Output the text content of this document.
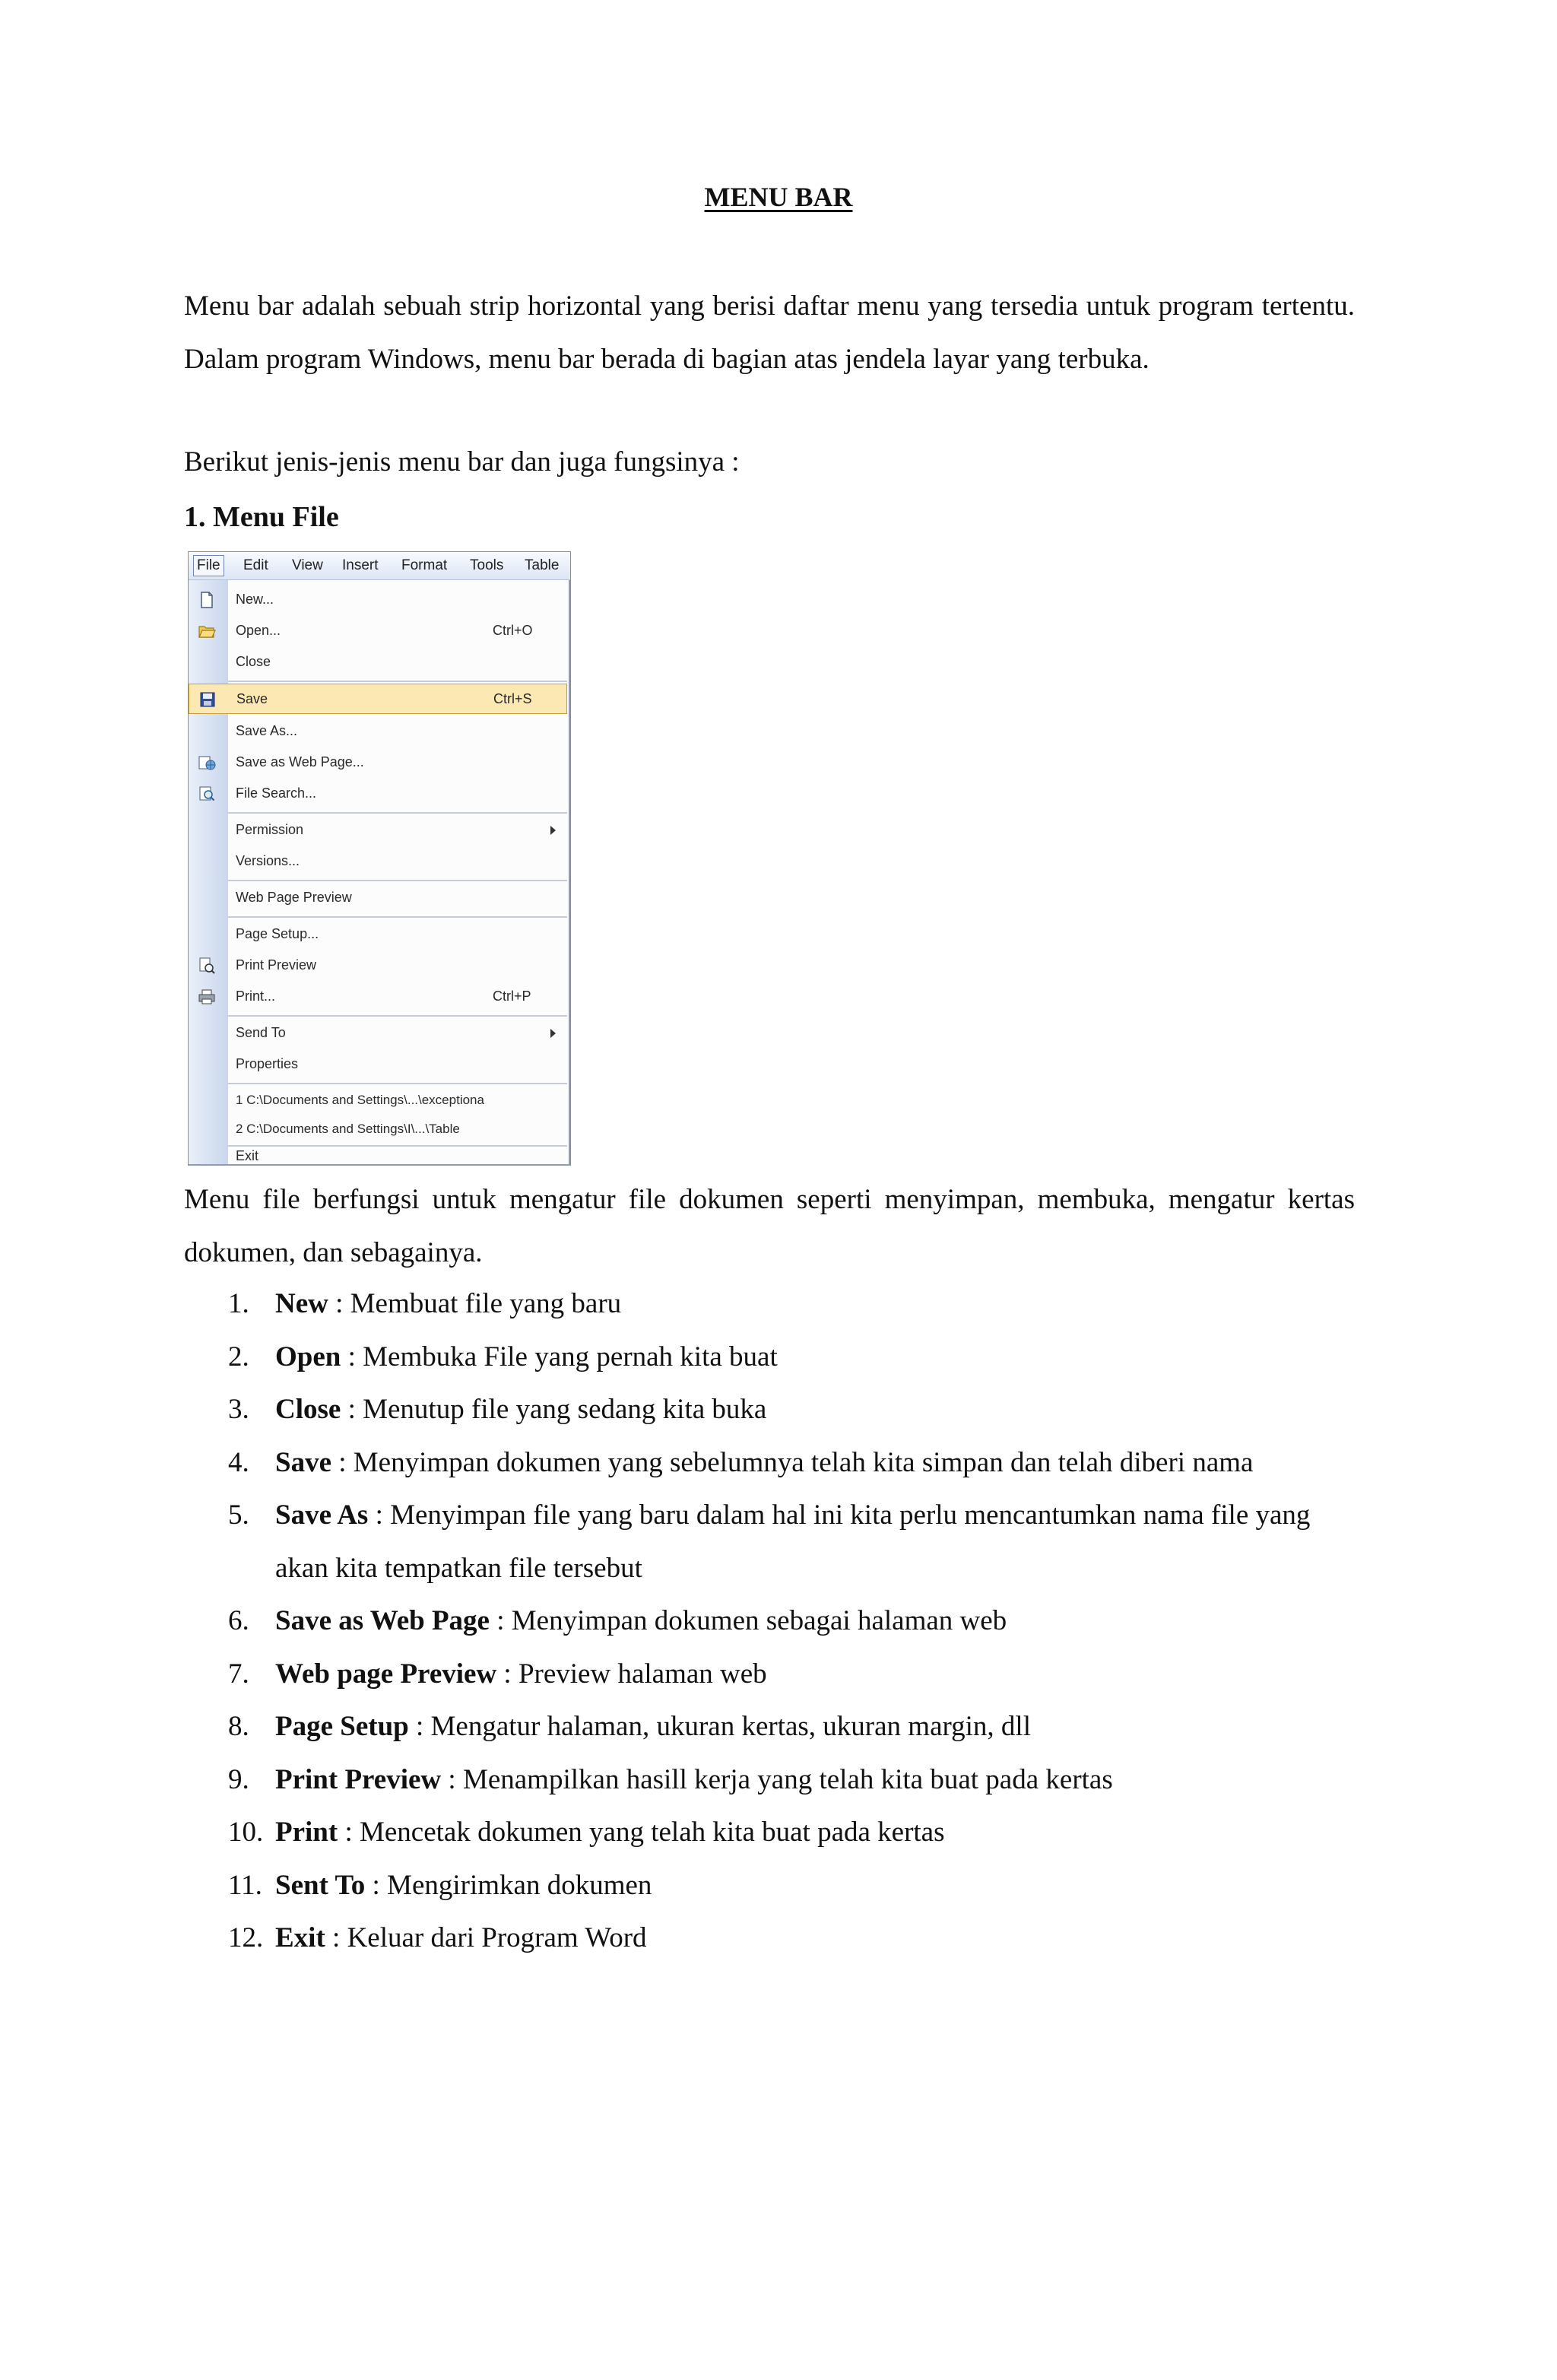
MENU BAR

Menu bar adalah sebuah strip horizontal yang berisi daftar menu yang tersedia untuk program tertentu. Dalam program Windows, menu bar berada di bagian atas jendela layar yang terbuka.

Berikut jenis-jenis menu bar dan juga fungsinya :

1. Menu File

File Edit View Insert Format Tools Table
New...
Open...	Ctrl+O
Close
Save	Ctrl+S
Save As...
Save as Web Page...
File Search...
Permission
Versions...
Web Page Preview
Page Setup...
Print Preview
Print...	Ctrl+P
Send To
Properties
1 C:\Documents and Settings\...\exceptiona
2 C:\Documents and Settings\I\...\Table
Exit

Menu file berfungsi untuk mengatur file dokumen seperti menyimpan, membuka, mengatur kertas dokumen, dan sebagainya.

1. New : Membuat file yang baru
2. Open : Membuka File yang pernah kita buat
3. Close : Menutup file yang sedang kita buka
4. Save : Menyimpan dokumen yang sebelumnya telah kita simpan dan telah diberi nama
5. Save As : Menyimpan file yang baru dalam hal ini kita perlu mencantumkan nama file yang akan kita tempatkan file tersebut
6. Save as Web Page : Menyimpan dokumen sebagai halaman web
7. Web page Preview : Preview halaman web
8. Page Setup : Mengatur halaman, ukuran kertas, ukuran margin, dll
9. Print Preview : Menampilkan hasill kerja yang telah kita buat pada kertas
10. Print : Mencetak dokumen yang telah kita buat pada kertas
11. Sent To : Mengirimkan dokumen
12. Exit : Keluar dari Program Word
